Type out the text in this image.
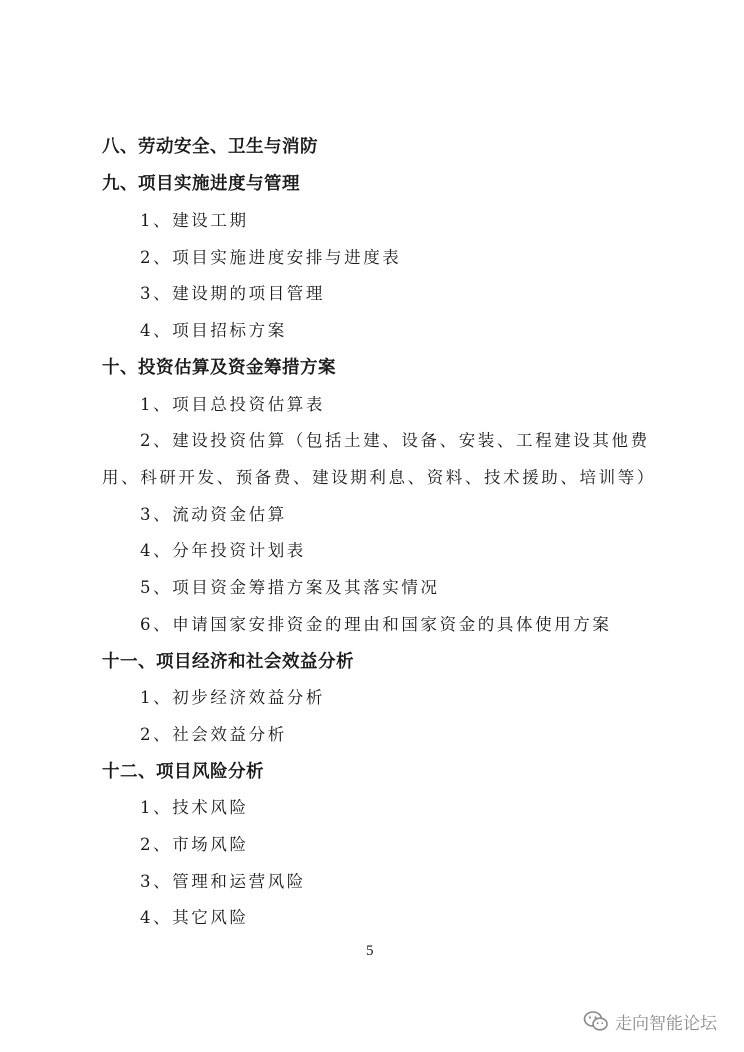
八、劳动安全、卫生与消防
九、项目实施进度与管理
1、建设工期
2、项目实施进度安排与进度表
3、建设期的项目管理
4、项目招标方案
十、投资估算及资金筹措方案
1、项目总投资估算表
2、建设投资估算（包括土建、设备、安装、工程建设其他费
用、科研开发、预备费、建设期利息、资料、技术援助、培训等）
3、流动资金估算
4、分年投资计划表
5、项目资金筹措方案及其落实情况
6、申请国家安排资金的理由和国家资金的具体使用方案
十一、项目经济和社会效益分析
1、初步经济效益分析
2、社会效益分析
十二、项目风险分析
1、技术风险
2、市场风险
3、管理和运营风险
4、其它风险
5
走向智能论坛
